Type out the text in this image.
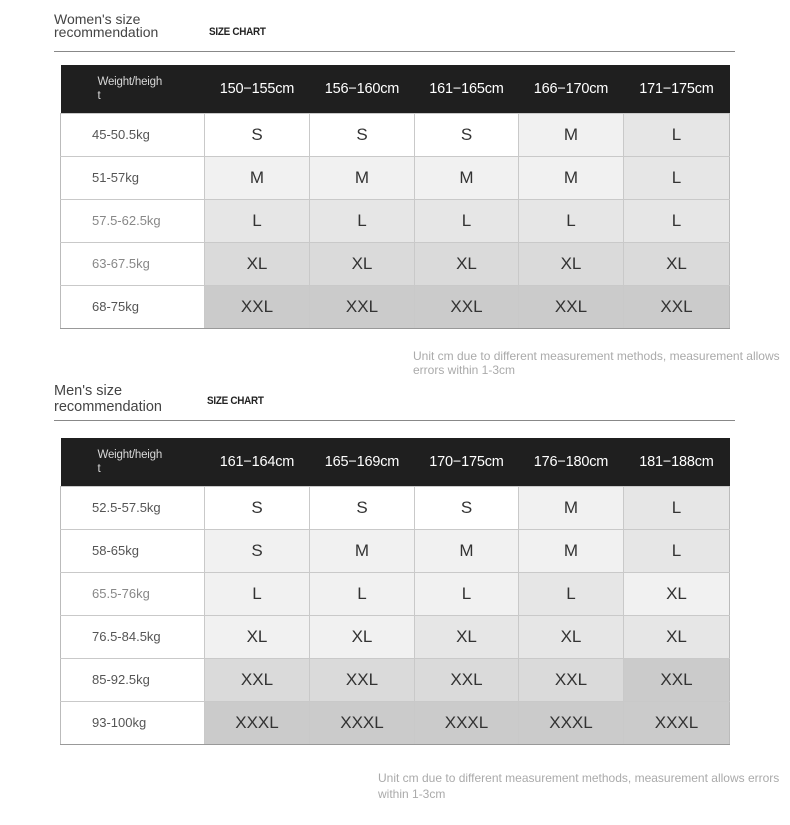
Women's size
recommendation	SIZE CHART
Weight/heigh
t	150−155cm	156−160cm	161−165cm	166−170cm	171−175cm
45-50.5kg	S	S	S	M	L
51-57kg	M	M	M	M	L
57.5-62.5kg	L	L	L	L	L
63-67.5kg	XL	XL	XL	XL	XL
68-75kg	XXL	XXL	XXL	XXL	XXL
Unit cm due to different measurement methods, measurement allows
errors within 1-3cm
Men's size
recommendation	SIZE CHART
Weight/heigh
t	161−164cm	165−169cm	170−175cm	176−180cm	181−188cm
52.5-57.5kg	S	S	S	M	L
58-65kg	S	M	M	M	L
65.5-76kg	L	L	L	L	XL
76.5-84.5kg	XL	XL	XL	XL	XL
85-92.5kg	XXL	XXL	XXL	XXL	XXL
93-100kg	XXXL	XXXL	XXXL	XXXL	XXXL
Unit cm due to different measurement methods, measurement allows errors
within 1-3cm
